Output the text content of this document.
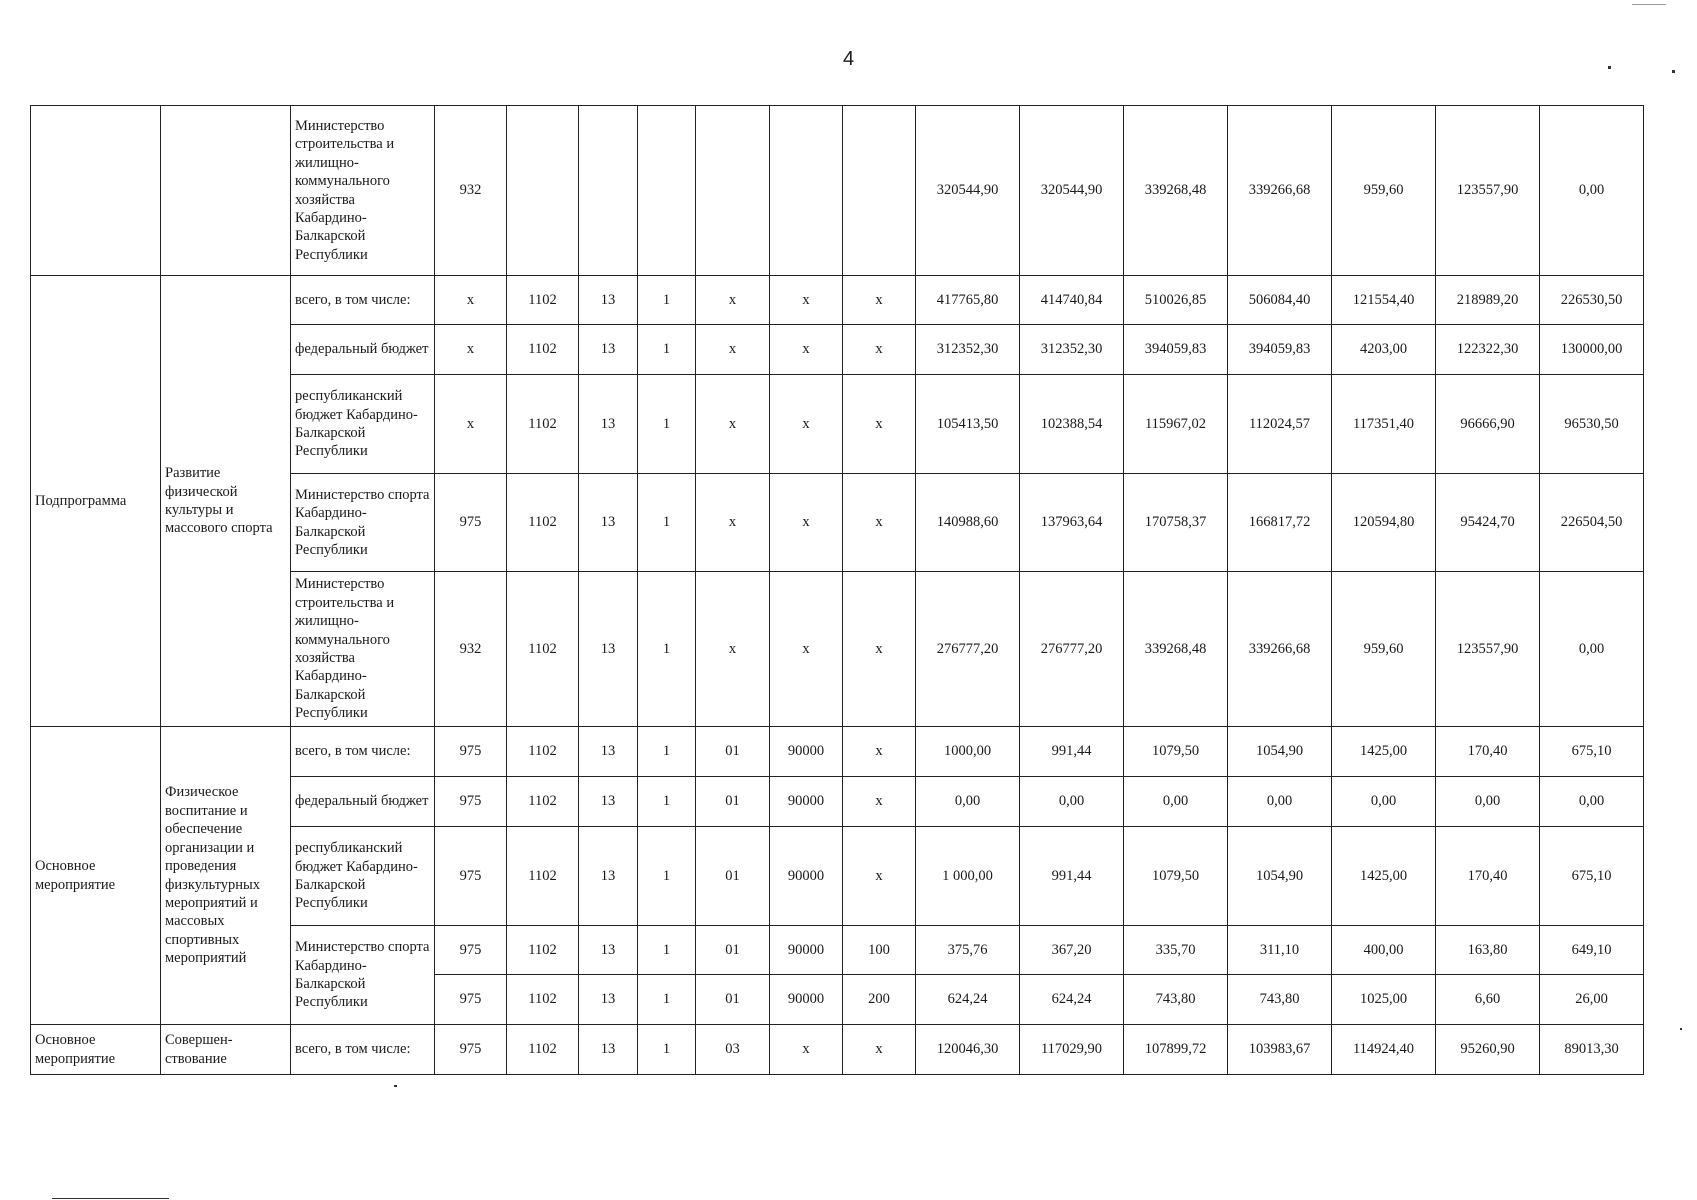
4
		Министерство строительства и жилищно-коммунального хозяйства Кабардино-Балкарской Республики	932							320544,90	320544,90	339268,48	339266,68	959,60	123557,90	0,00
Подпрограмма	Развитие физической культуры и массового спорта	всего, в том числе:	х	1102	13	1	х	х	х	417765,80	414740,84	510026,85	506084,40	121554,40	218989,20	226530,50
		федеральный бюджет	х	1102	13	1	х	х	х	312352,30	312352,30	394059,83	394059,83	4203,00	122322,30	130000,00
		республиканский бюджет Кабардино-Балкарской Республики	х	1102	13	1	х	х	х	105413,50	102388,54	115967,02	112024,57	117351,40	96666,90	96530,50
		Министерство спорта Кабардино-Балкарской Республики	975	1102	13	1	х	х	х	140988,60	137963,64	170758,37	166817,72	120594,80	95424,70	226504,50
		Министерство строительства и жилищно-коммунального хозяйства Кабардино-Балкарской Республики	932	1102	13	1	х	х	х	276777,20	276777,20	339268,48	339266,68	959,60	123557,90	0,00
Основное мероприятие	Физическое воспитание и обеспечение организации и проведения физкультурных мероприятий и массовых спортивных мероприятий	всего, в том числе:	975	1102	13	1	01	90000	х	1000,00	991,44	1079,50	1054,90	1425,00	170,40	675,10
		федеральный бюджет	975	1102	13	1	01	90000	х	0,00	0,00	0,00	0,00	0,00	0,00	0,00
		республиканский бюджет Кабардино-Балкарской Республики	975	1102	13	1	01	90000	х	1 000,00	991,44	1079,50	1054,90	1425,00	170,40	675,10
		Министерство спорта Кабардино-Балкарской Республики	975	1102	13	1	01	90000	100	375,76	367,20	335,70	311,10	400,00	163,80	649,10
			975	1102	13	1	01	90000	200	624,24	624,24	743,80	743,80	1025,00	6,60	26,00
Основное мероприятие	Совершен-ствование	всего, в том числе:	975	1102	13	1	03	х	х	120046,30	117029,90	107899,72	103983,67	114924,40	95260,90	89013,30
